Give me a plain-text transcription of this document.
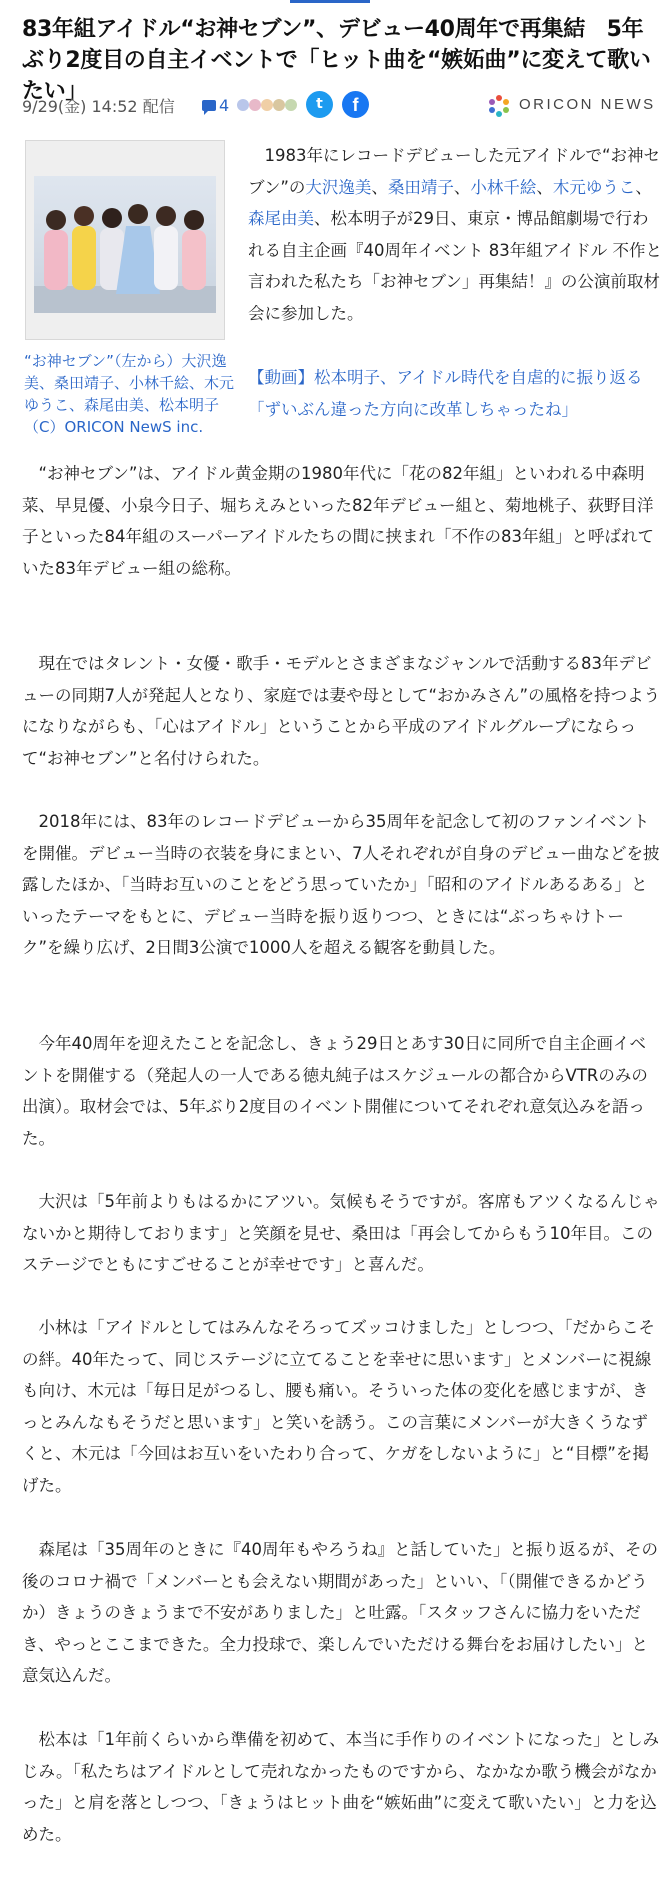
83年組アイドル“お神セブン”、デビュー40周年で再集結　5年ぶり2度目の自主イベントで「ヒット曲を“嫉妬曲”に変えて歌いたい」
9/29(金) 14:52 配信	4	t	f	ORICON NEWS
“お神セブン”（左から）大沢逸美、桑田靖子、小林千絵、木元ゆうこ、森尾由美、松本明子 （C）ORICON NewS inc.

　1983年にレコードデビューした元アイドルで“お神セブン”の大沢逸美、桑田靖子、小林千絵、木元ゆうこ、森尾由美、松本明子が29日、東京・博品館劇場で行われる自主企画『40周年イベント 83年組アイドル 不作と言われた私たち「お神セブン」再集結！』の公演前取材会に参加した。

【動画】松本明子、アイドル時代を自虐的に振り返る「ずいぶん違った方向に改革しちゃったね」

　“お神セブン”は、アイドル黄金期の1980年代に「花の82年組」といわれる中森明菜、早見優、小泉今日子、堀ちえみといった82年デビュー組と、菊地桃子、荻野目洋子といった84年組のスーパーアイドルたちの間に挟まれ「不作の83年組」と呼ばれていた83年デビュー組の総称。

　現在ではタレント・女優・歌手・モデルとさまざまなジャンルで活動する83年デビューの同期7人が発起人となり、家庭では妻や母として“おかみさん”の風格を持つようになりながらも、「心はアイドル」ということから平成のアイドルグループにならって“お神セブン”と名付けられた。

　2018年には、83年のレコードデビューから35周年を記念して初のファンイベントを開催。デビュー当時の衣装を身にまとい、7人それぞれが自身のデビュー曲などを披露したほか、「当時お互いのことをどう思っていたか」「昭和のアイドルあるある」といったテーマをもとに、デビュー当時を振り返りつつ、ときには“ぶっちゃけトーク”を繰り広げ、2日間3公演で1000人を超える観客を動員した。

　今年40周年を迎えたことを記念し、きょう29日とあす30日に同所で自主企画イベントを開催する（発起人の一人である徳丸純子はスケジュールの都合からVTRのみの出演）。取材会では、5年ぶり2度目のイベント開催についてそれぞれ意気込みを語った。

　大沢は「5年前よりもはるかにアツい。気候もそうですが。客席もアツくなるんじゃないかと期待しております」と笑顔を見せ、桑田は「再会してからもう10年目。このステージでともにすごせることが幸せです」と喜んだ。

　小林は「アイドルとしてはみんなそろってズッコけました」としつつ、「だからこその絆。40年たって、同じステージに立てることを幸せに思います」とメンバーに視線も向け、木元は「毎日足がつるし、腰も痛い。そういった体の変化を感じますが、きっとみんなもそうだと思います」と笑いを誘う。この言葉にメンバーが大きくうなずくと、木元は「今回はお互いをいたわり合って、ケガをしないように」と“目標”を掲げた。

　森尾は「35周年のときに『40周年もやろうね』と話していた」と振り返るが、その後のコロナ禍で「メンバーとも会えない期間があった」といい、「（開催できるかどうか）きょうのきょうまで不安がありました」と吐露。「スタッフさんに協力をいただき、やっとここまできた。全力投球で、楽しんでいただける舞台をお届けしたい」と意気込んだ。

　松本は「1年前くらいから準備を初めて、本当に手作りのイベントになった」としみじみ。「私たちはアイドルとして売れなかったものですから、なかなか歌う機会がなかった」と肩を落としつつ、「きょうはヒット曲を“嫉妬曲”に変えて歌いたい」と力を込めた。
